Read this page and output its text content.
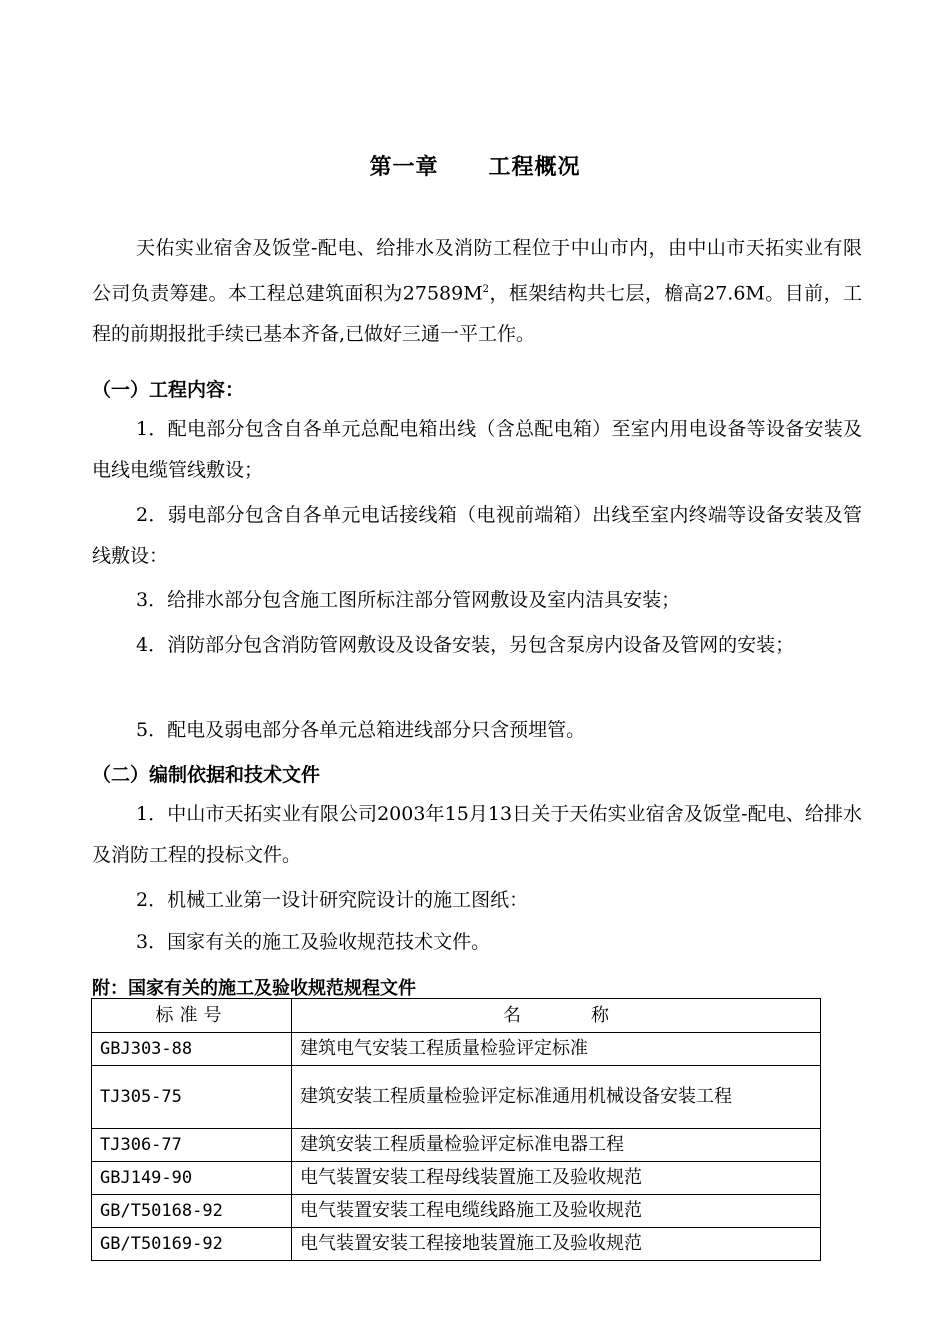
第一章 工程概况
天佑实业宿舍及饭堂-配电、给排水及消防工程位于中山市内，由中山市天拓实业有限公司负责筹建。本工程总建筑面积为$27589M^2$，框架结构共七层，檐高27.6M。目前，工程的前期报批手续已基本齐备,已做好三通一平工作。
（一）工程内容：
1．配电部分包含自各单元总配电箱出线（含总配电箱）至室内用电设备等设备安装及电线电缆管线敷设；
2．弱电部分包含自各单元电话接线箱（电视前端箱）出线至室内终端等设备安装及管线敷设：
3．给排水部分包含施工图所标注部分管网敷设及室内洁具安装；
4．消防部分包含消防管网敷设及设备安装，另包含泵房内设备及管网的安装；
5．配电及弱电部分各单元总箱进线部分只含预埋管。
（二）编制依据和技术文件
1．中山市天拓实业有限公司2003年15月13日关于天佑实业宿舍及饭堂-配电、给排水及消防工程的投标文件。
2．机械工业第一设计研究院设计的施工图纸：
3．国家有关的施工及验收规范技术文件。
附：国家有关的施工及验收规范规程文件
标准号	名 称
GBJ303-88	建筑电气安装工程质量检验评定标准
TJ305-75	建筑安装工程质量检验评定标准通用机械设备安装工程
TJ306-77	建筑安装工程质量检验评定标准电器工程
GBJ149-90	电气装置安装工程母线装置施工及验收规范
GB/T50168-92	电气装置安装工程电缆线路施工及验收规范
GB/T50169-92	电气装置安装工程接地装置施工及验收规范
